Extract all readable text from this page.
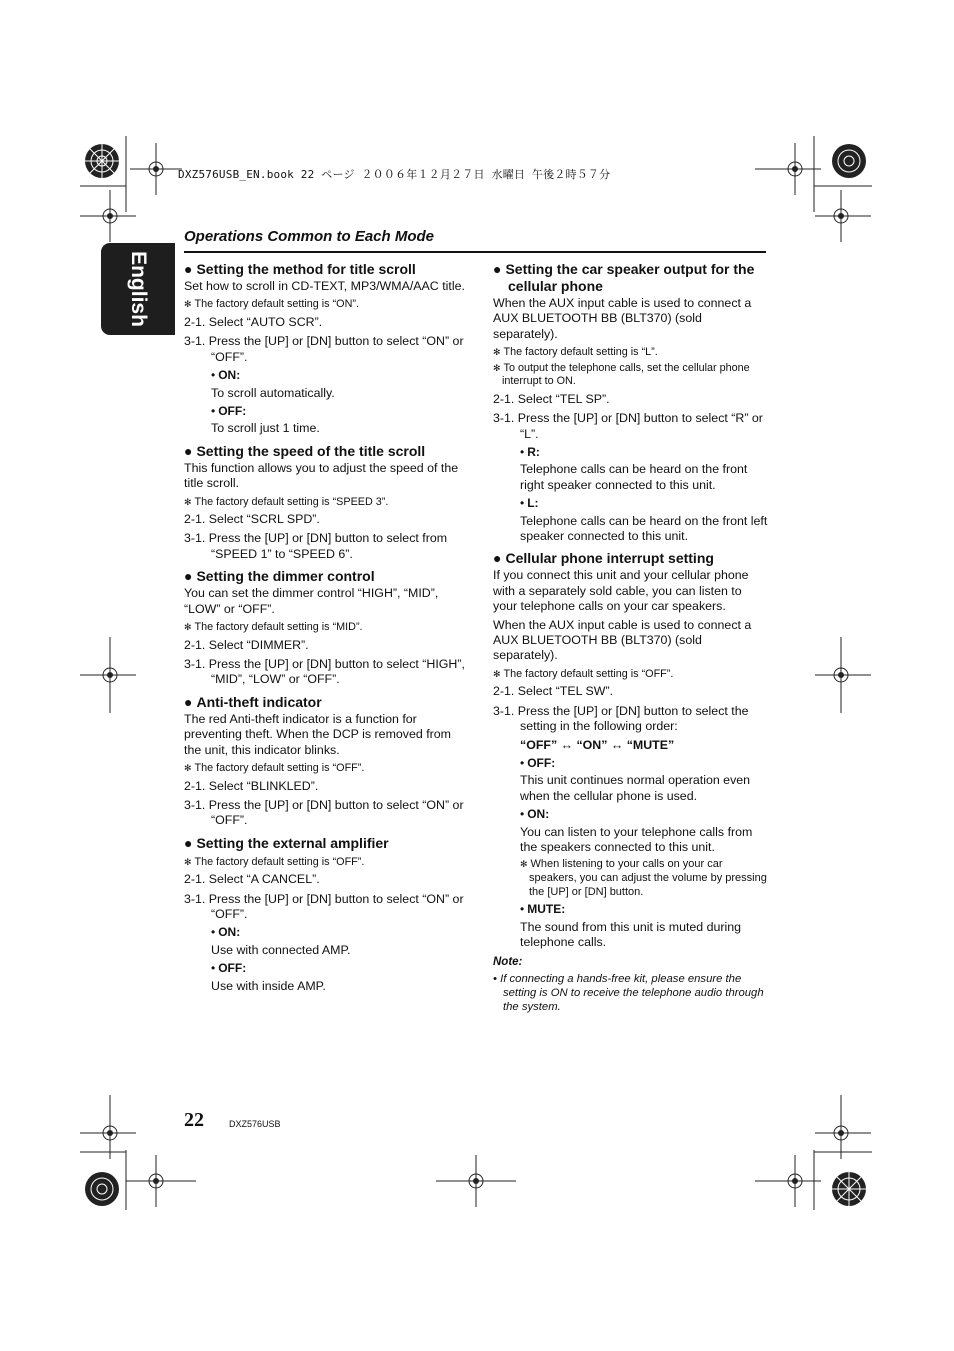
DXZ576USB_EN.book 22 ページ ２００６年１２月２７日 水曜日 午後２時５７分
English
Operations Common to Each Mode
● Setting the method for title scroll

Set how to scroll in CD-TEXT, MP3/WMA/AAC title.

✻ The factory default setting is “ON”.

2-1. Select “AUTO SCR”.

3-1. Press the [UP] or [DN] button to select “ON” or “OFF”.

• ON:
To scroll automatically.
• OFF:
To scroll just 1 time.
● Setting the speed of the title scroll

This function allows you to adjust the speed of the title scroll.

✻ The factory default setting is “SPEED 3”.

2-1. Select “SCRL SPD”.

3-1. Press the [UP] or [DN] button to select from “SPEED 1” to “SPEED 6”.

● Setting the dimmer control

You can set the dimmer control “HIGH”, “MID”, “LOW” or “OFF”.

✻ The factory default setting is “MID”.

2-1. Select “DIMMER”.

3-1. Press the [UP] or [DN] button to select “HIGH”, “MID”, “LOW” or “OFF”.

● Anti-theft indicator

The red Anti-theft indicator is a function for preventing theft. When the DCP is removed from the unit, this indicator blinks.

✻ The factory default setting is “OFF”.

2-1. Select “BLINKLED”.

3-1. Press the [UP] or [DN] button to select “ON” or “OFF”.

● Setting the external amplifier

✻ The factory default setting is “OFF”.

2-1. Select “A CANCEL”.

3-1. Press the [UP] or [DN] button to select “ON” or “OFF”.

• ON:
Use with connected AMP.
• OFF:
Use with inside AMP.
● Setting the car speaker output for the cellular phone

When the AUX input cable is used to connect a AUX BLUETOOTH BB (BLT370) (sold separately).

✻ The factory default setting is “L”.

✻ To output the telephone calls, set the cellular phone interrupt to ON.

2-1. Select “TEL SP”.

3-1. Press the [UP] or [DN] button to select “R” or “L”.

• R:
Telephone calls can be heard on the front right speaker connected to this unit.
• L:
Telephone calls can be heard on the front left speaker connected to this unit.
● Cellular phone interrupt setting

If you connect this unit and your cellular phone with a separately sold cable, you can listen to your telephone calls on your car speakers.

When the AUX input cable is used to connect a AUX BLUETOOTH BB (BLT370) (sold separately).

✻ The factory default setting is “OFF”.

2-1. Select “TEL SW”.

3-1. Press the [UP] or [DN] button to select the setting in the following order:

“OFF” ↔ “ON” ↔ “MUTE”

• OFF:
This unit continues normal operation even when the cellular phone is used.
• ON:
You can listen to your telephone calls from the speakers connected to this unit.
✻ When listening to your calls on your car speakers, you can adjust the volume by pressing the [UP] or [DN] button.
• MUTE:
The sound from this unit is muted during telephone calls.

Note:

• If connecting a hands-free kit, please ensure the setting is ON to receive the telephone audio through the system.

22	DXZ576USB
